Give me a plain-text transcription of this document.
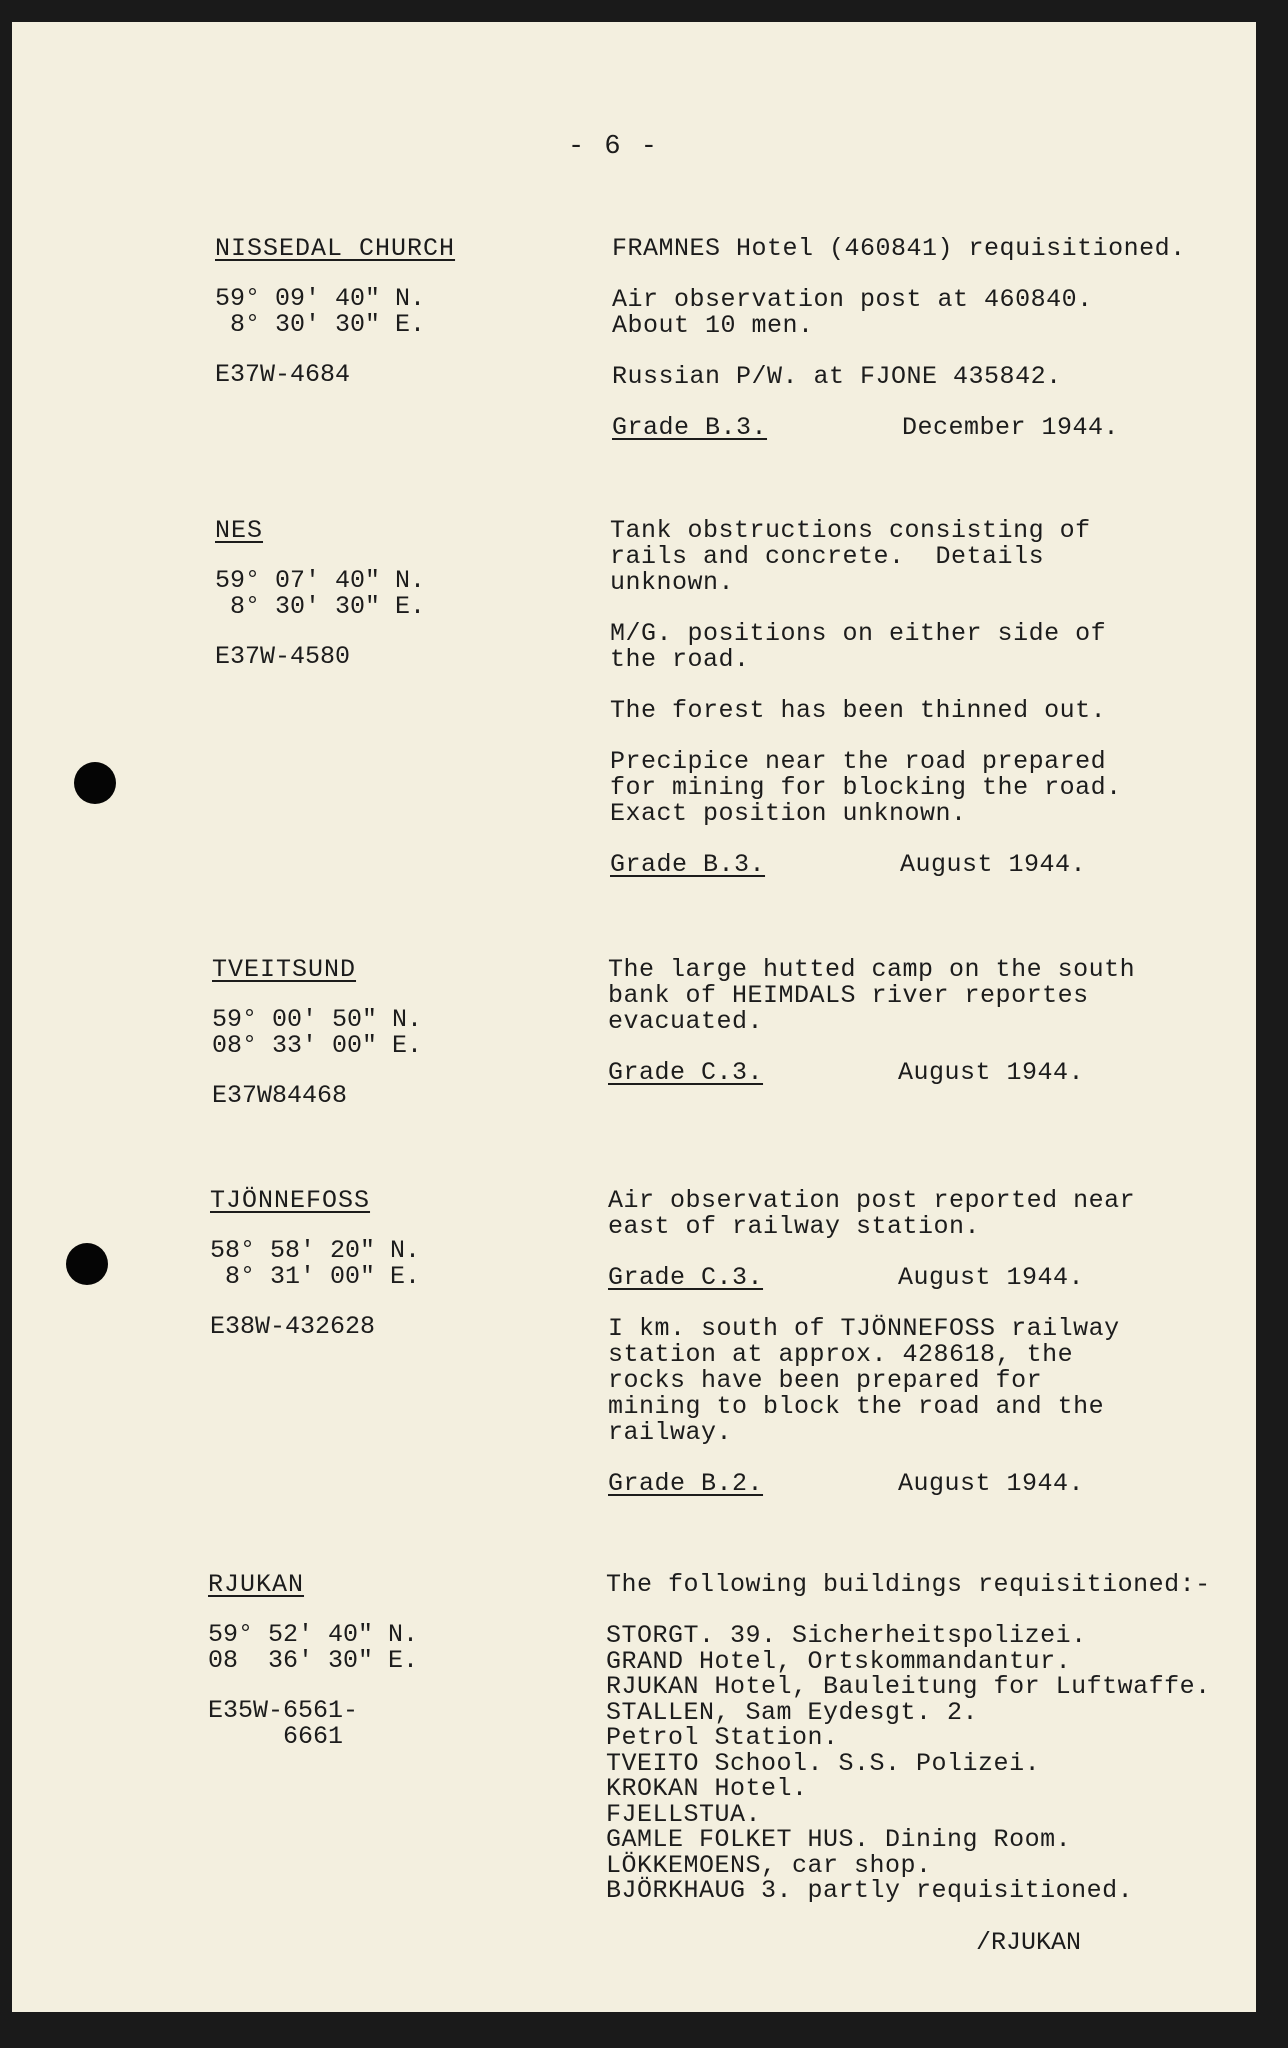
- 6 -
NISSEDAL CHURCH
59° 09' 40" N.
8° 30' 30" E.
E37W-4684
FRAMNES Hotel (460841) requisitioned.
Air observation post at 460840.
About 10 men.
Russian P/W. at FJONE 435842.
Grade B.3.	December 1944.
NES
59° 07' 40" N.
8° 30' 30" E.
E37W-4580
Tank obstructions consisting of
rails and concrete.  Details
unknown.
M/G. positions on either side of
the road.
The forest has been thinned out.
Precipice near the road prepared
for mining for blocking the road.
Exact position unknown.
Grade B.3.	August 1944.
TVEITSUND
59° 00' 50" N.
08° 33' 00" E.
E37W84468
The large hutted camp on the south
bank of HEIMDALS river reportes
evacuated.
Grade C.3.	August 1944.
TJÖNNEFOSS
58° 58' 20" N.
8° 31' 00" E.
E38W-432628
Air observation post reported near
east of railway station.
Grade C.3.	August 1944.
I km. south of TJÖNNEFOSS railway
station at approx. 428618, the
rocks have been prepared for
mining to block the road and the
railway.
Grade B.2.	August 1944.
RJUKAN
59° 52' 40" N.
08  36' 30" E.
E35W-6561-
6661
The following buildings requisitioned:-
STORGT. 39. Sicherheitspolizei.
GRAND Hotel, Ortskommandantur.
RJUKAN Hotel, Bauleitung for Luftwaffe.
STALLEN, Sam Eydesgt. 2.
Petrol Station.
TVEITO School. S.S. Polizei.
KROKAN Hotel.
FJELLSTUA.
GAMLE FOLKET HUS. Dining Room.
LÖKKEMOENS, car shop.
BJÖRKHAUG 3. partly requisitioned.
/RJUKAN
